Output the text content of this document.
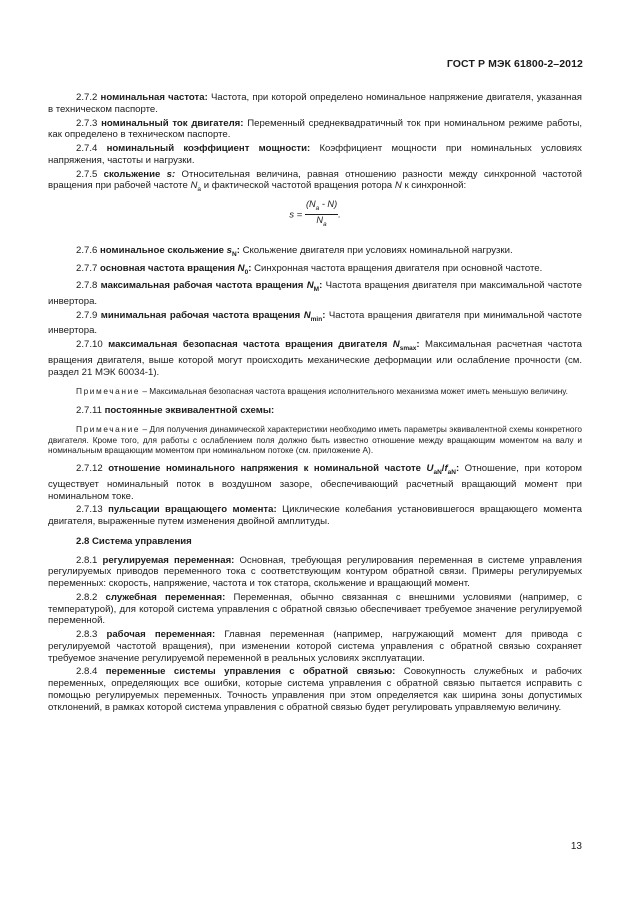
ГОСТ Р МЭК 61800-2–2012

2.7.2 номинальная частота: Частота, при которой определено номинальное напряжение двигателя, указанная в техническом паспорте.

2.7.3 номинальный ток двигателя: Переменный среднеквадратичный ток при номинальном режиме работы, как определено в техническом паспорте.

2.7.4 номинальный коэффициент мощности: Коэффициент мощности при номинальных условиях напряжения, частоты и нагрузки.

2.7.5 скольжение s: Относительная величина, равная отношению разности между синхронной частотой вращения при рабочей частоте $N_a$ и фактической частотой вращения ротора N к синхронной:

$s = \frac{(N_a - N)}{N_a}$ .

2.7.6 номинальное скольжение $s_N$: Скольжение двигателя при условиях номинальной нагрузки.

2.7.7 основная частота вращения $N_0$: Синхронная частота вращения двигателя при основной частоте.

2.7.8 максимальная рабочая частота вращения $N_M$: Частота вращения двигателя при максимальной частоте инвертора.

2.7.9 минимальная рабочая частота вращения $N_{min}$: Частота вращения двигателя при минимальной частоте инвертора.

2.7.10 максимальная безопасная частота вращения двигателя $N_{smax}$: Максимальная расчетная частота вращения двигателя, выше которой могут происходить механические деформации или ослабление прочности (см. раздел 21 МЭК 60034-1).

Примечание – Максимальная безопасная частота вращения исполнительного механизма может иметь меньшую величину.

2.7.11 постоянные эквивалентной схемы:

Примечание – Для получения динамической характеристики необходимо иметь параметры эквивалентной схемы конкретного двигателя. Кроме того, для работы с ослаблением поля должно быть известно отношение между вращающим моментом на валу и номинальным вращающим моментом при номинальном потоке (см. приложение А).

2.7.12 отношение номинального напряжения к номинальной частоте $U_{aN}/f_{aN}$: Отношение, при котором существует номинальный поток в воздушном зазоре, обеспечивающий расчетный вращающий момент при номинальном токе.

2.7.13 пульсации вращающего момента: Циклические колебания установившегося вращающего момента двигателя, выраженные путем изменения двойной амплитуды.

2.8 Система управления

2.8.1 регулируемая переменная: Основная, требующая регулирования переменная в системе управления регулируемых приводов переменного тока с соответствующим контуром обратной связи. Примеры регулируемых переменных: скорость, напряжение, частота и ток статора, скольжение и вращающий момент.

2.8.2 служебная переменная: Переменная, обычно связанная с внешними условиями (например, с температурой), для которой система управления с обратной связью обеспечивает требуемое значение регулируемой переменной.

2.8.3 рабочая переменная: Главная переменная (например, нагружающий момент для привода с регулируемой частотой вращения), при изменении которой система управления с обратной связью сохраняет требуемое значение регулируемой переменной в реальных условиях эксплуатации.

2.8.4 переменные системы управления с обратной связью: Совокупность служебных и рабочих переменных, определяющих все ошибки, которые система управления с обратной связью пытается исправить с помощью регулируемых переменных. Точность управления при этом определяется как ширина зоны допустимых отклонений, в рамках которой система управления с обратной связью будет регулировать управляемую величину.

13
